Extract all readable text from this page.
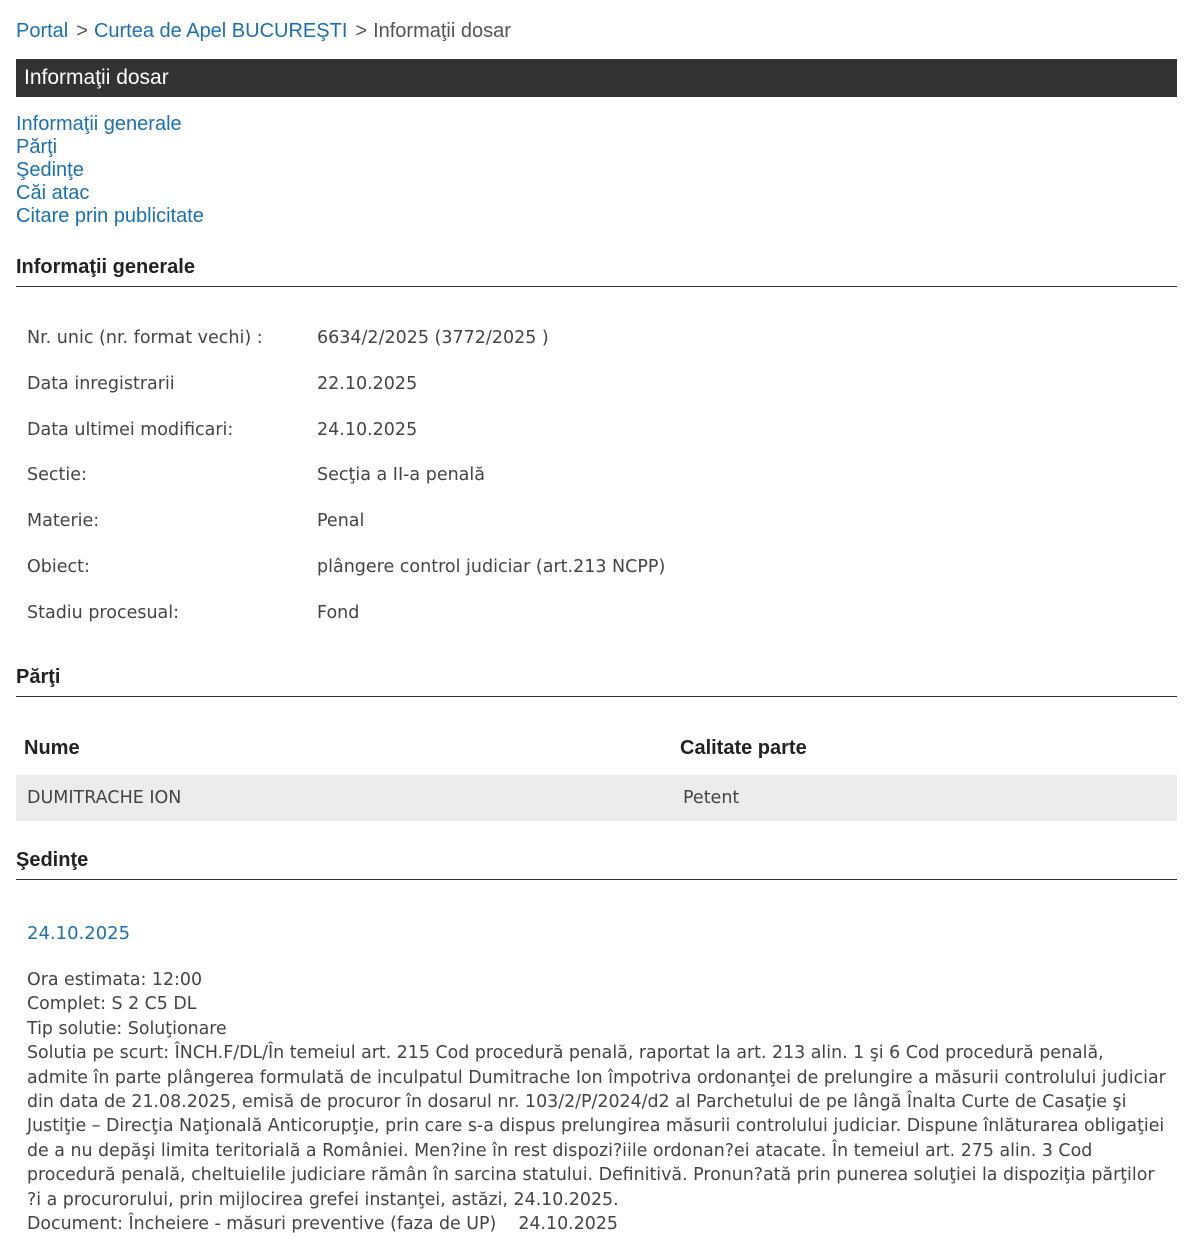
Portal > Curtea de Apel BUCUREŞTI > Informaţii dosar
Informaţii dosar
Informaţii generale
Părţi
Şedinţe
Căi atac
Citare prin publicitate
Informaţii generale
Nr. unic (nr. format vechi) :	6634/2/2025 (3772/2025 )
Data inregistrarii	22.10.2025
Data ultimei modificari:	24.10.2025
Sectie:	Secţia a II-a penală
Materie:	Penal
Obiect:	plângere control judiciar (art.213 NCPP)
Stadiu procesual:	Fond
Părţi
Nume	Calitate parte
DUMITRACHE ION	Petent
Şedinţe
24.10.2025
Ora estimata: 12:00
Complet: S 2 C5 DL
Tip solutie: Soluţionare
Solutia pe scurt: ÎNCH.F/DL/În temeiul art. 215 Cod procedură penală, raportat la art. 213 alin. 1 şi 6 Cod procedură penală, admite în parte plângerea formulată de inculpatul Dumitrache Ion împotriva ordonanţei de prelungire a măsurii controlului judiciar din data de 21.08.2025, emisă de procuror în dosarul nr. 103/2/P/2024/d2 al Parchetului de pe lângă Înalta Curte de Casaţie şi Justiţie – Direcţia Naţională Anticorupţie, prin care s-a dispus prelungirea măsurii controlului judiciar. Dispune înlăturarea obligaţiei de a nu depăşi limita teritorială a României. Men?ine în rest dispozi?iile ordonan?ei atacate. În temeiul art. 275 alin. 3 Cod procedură penală, cheltuielile judiciare rămân în sarcina statului. Definitivă. Pronun?ată prin punerea soluţiei la dispoziţia părţilor ?i a procurorului, prin mijlocirea grefei instanţei, astăzi, 24.10.2025.
Document: Încheiere - măsuri preventive (faza de UP)    24.10.2025
